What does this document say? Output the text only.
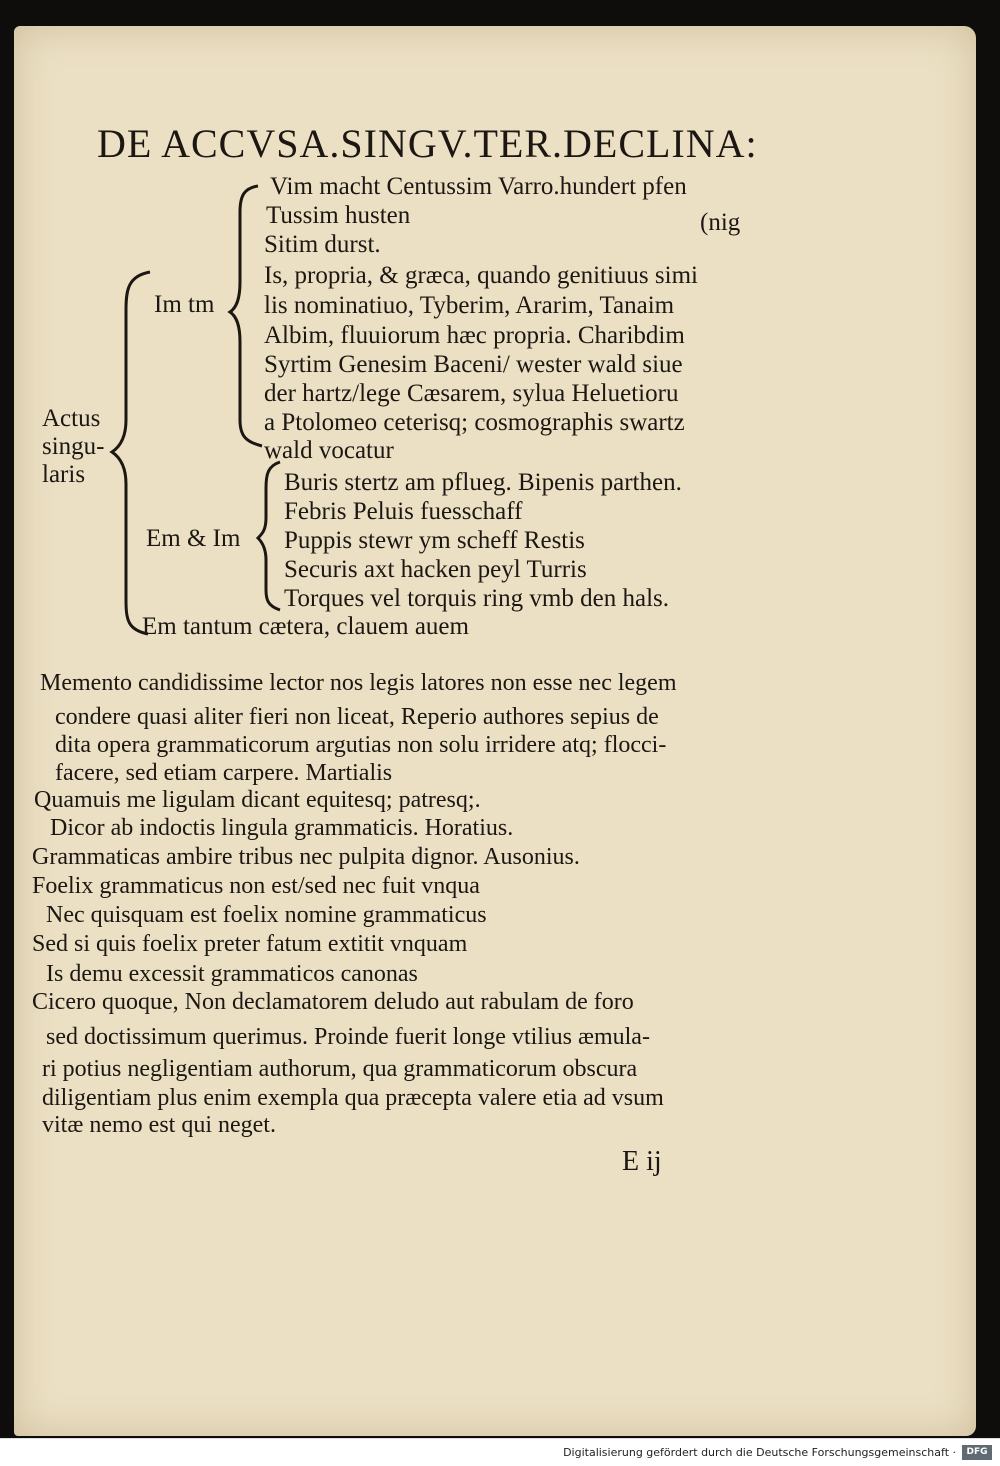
DE ACCVSA.SINGV.TER.DECLINA:
Vim macht Centussim Varro.hundert pfen
Tussim husten	(nig
Sitim durst.
Is, propria, & græca, quando genitiuus simi
lis nominatiuo, Tyberim, Ararim, Tanaim
Albim, fluuiorum hæc propria. Charibdim
Syrtim Genesim Baceni/ wester wald siue
der hartz/lege Cæsarem, sylua Heluetioru
a Ptolomeo ceterisq; cosmographis swartz
wald vocatur
Im tm
Actus
singu-
laris
Em & Im
Buris stertz am pflueg. Bipenis parthen.
Febris Peluis fuesschaff
Puppis stewr ym scheff Restis
Securis axt hacken peyl Turris
Torques vel torquis ring vmb den hals.
Em tantum cætera, clauem auem
Memento candidissime lector nos legis latores non esse nec legem
condere quasi aliter fieri non liceat, Reperio authores sepius de
dita opera grammaticorum argutias non solu irridere atq; flocci-
facere, sed etiam carpere. Martialis
Quamuis me ligulam dicant equitesq; patresq;.
Dicor ab indoctis lingula grammaticis. Horatius.
Grammaticas ambire tribus nec pulpita dignor. Ausonius.
Foelix grammaticus non est/sed nec fuit vnqua
Nec quisquam est foelix nomine grammaticus
Sed si quis foelix preter fatum extitit vnquam
Is demu excessit grammaticos canonas
Cicero quoque, Non declamatorem deludo aut rabulam de foro
sed doctissimum querimus. Proinde fuerit longe vtilius æmula-
ri potius negligentiam authorum, qua grammaticorum obscura
diligentiam plus enim exempla qua præcepta valere etia ad vsum
vitæ nemo est qui neget.
E ij
Digitalisierung gefördert durch die Deutsche Forschungsgemeinschaft ·	DFG
